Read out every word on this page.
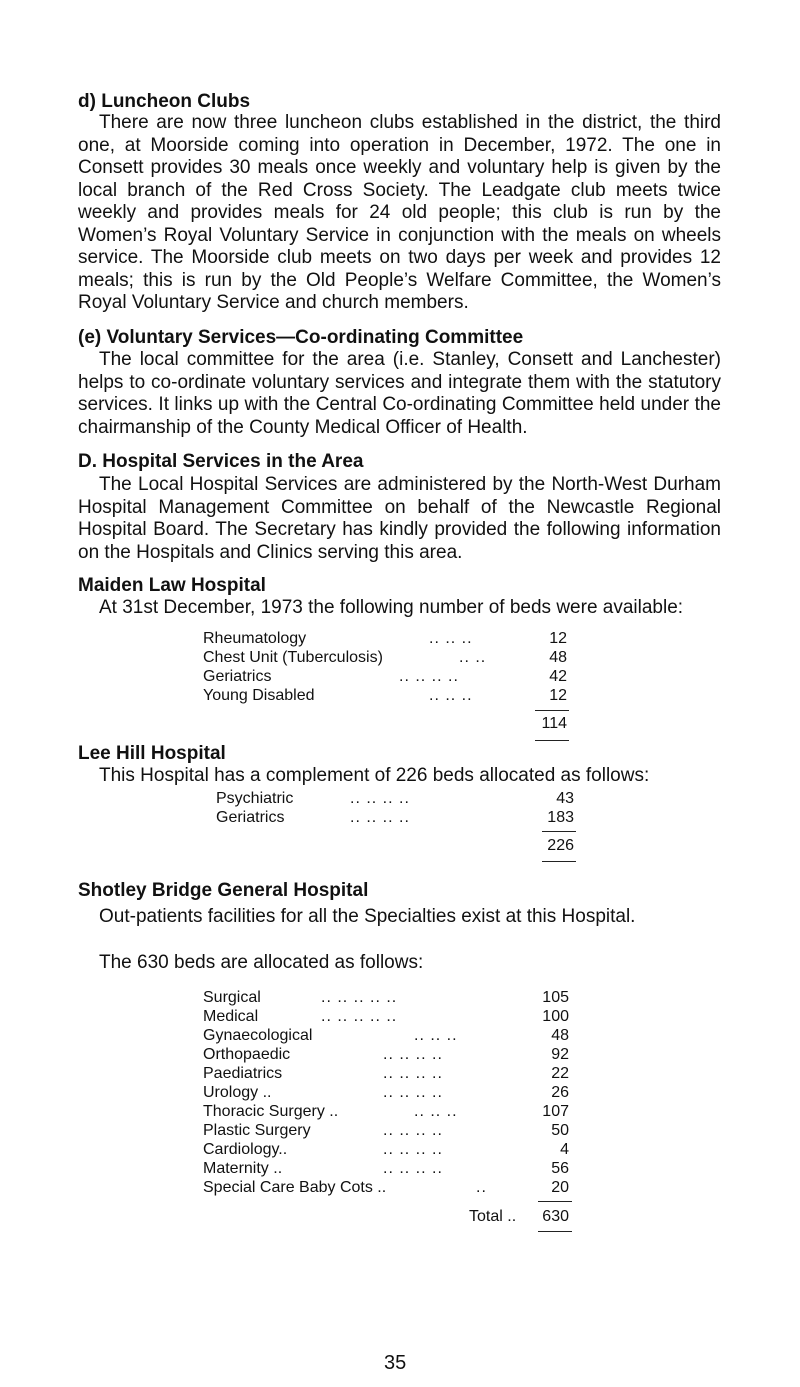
d) Luncheon Clubs
There are now three luncheon clubs established in the district, the third one, at Moorside coming into operation in December, 1972. The one in Consett provides 30 meals once weekly and voluntary help is given by the local branch of the Red Cross Society. The Leadgate club meets twice weekly and provides meals for 24 old people; this club is run by the Women’s Royal Voluntary Service in conjunction with the meals on wheels service. The Moorside club meets on two days per week and provides 12 meals; this is run by the Old People’s Welfare Committee, the Women’s Royal Voluntary Service and church members.
(e) Voluntary Services—Co-ordinating Committee
The local committee for the area (i.e. Stanley, Consett and Lanchester) helps to co-ordinate voluntary services and integrate them with the statutory services. It links up with the Central Co-ordinating Committee held under the chairmanship of the County Medical Officer of Health.
D. Hospital Services in the Area
The Local Hospital Services are administered by the North-West Durham Hospital Management Committee on behalf of the Newcastle Regional Hospital Board. The Secretary has kindly provided the following information on the Hospitals and Clinics serving this area.
Maiden Law Hospital
At 31st December, 1973 the following number of beds were available:
Rheumatology	.. .. ..	12
Chest Unit (Tuberculosis)	.. ..	48
Geriatrics	.. .. .. ..	42
Young Disabled	.. .. ..	12
114
Lee Hill Hospital
This Hospital has a complement of 226 beds allocated as follows:
Psychiatric	.. .. .. ..	43
Geriatrics	.. .. .. ..	183
226
Shotley Bridge General Hospital
Out-patients facilities for all the Specialties exist at this Hospital.
The 630 beds are allocated as follows:
Surgical	.. .. .. .. ..	105
Medical	.. .. .. .. ..	100
Gynaecological	.. .. ..	48
Orthopaedic	.. .. .. ..	92
Paediatrics	.. .. .. ..	22
Urology ..	.. .. .. ..	26
Thoracic Surgery ..	.. .. ..	107
Plastic Surgery	.. .. .. ..	50
Cardiology..	.. .. .. ..	4
Maternity ..	.. .. .. ..	56
Special Care Baby Cots ..	..	20
Total ..	630
35
